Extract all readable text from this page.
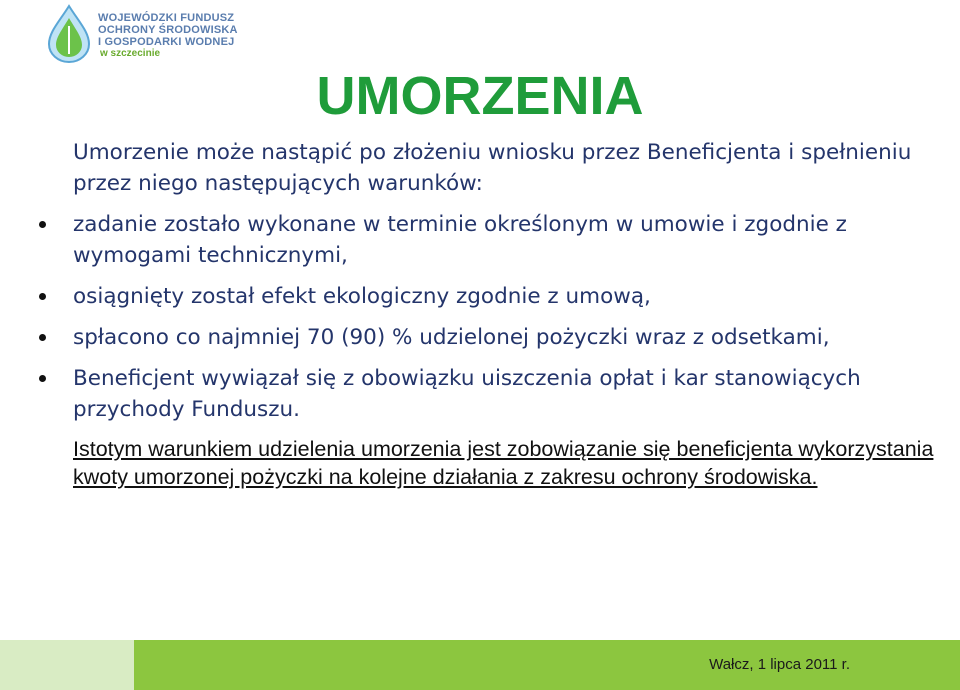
WOJEWÓDZKI FUNDUSZ
OCHRONY ŚRODOWISKA
I GOSPODARKI WODNEJ
w szczecinie
UMORZENIA

Umorzenie może nastąpić po złożeniu wniosku przez Beneficjenta i spełnieniu przez niego następujących warunków:

zadanie zostało wykonane w terminie określonym w umowie i zgodnie z wymogami technicznymi,
osiągnięty został efekt ekologiczny zgodnie z umową,
spłacono co najmniej 70 (90) % udzielonej pożyczki wraz z odsetkami,
Beneficjent wywiązał się z obowiązku uiszczenia opłat i kar stanowiących przychody Funduszu.

Istotym warunkiem udzielenia umorzenia jest zobowiązanie się beneficjenta wykorzystania kwoty umorzonej pożyczki na kolejne działania z zakresu ochrony środowiska.

Wałcz, 1 lipca 2011 r.
